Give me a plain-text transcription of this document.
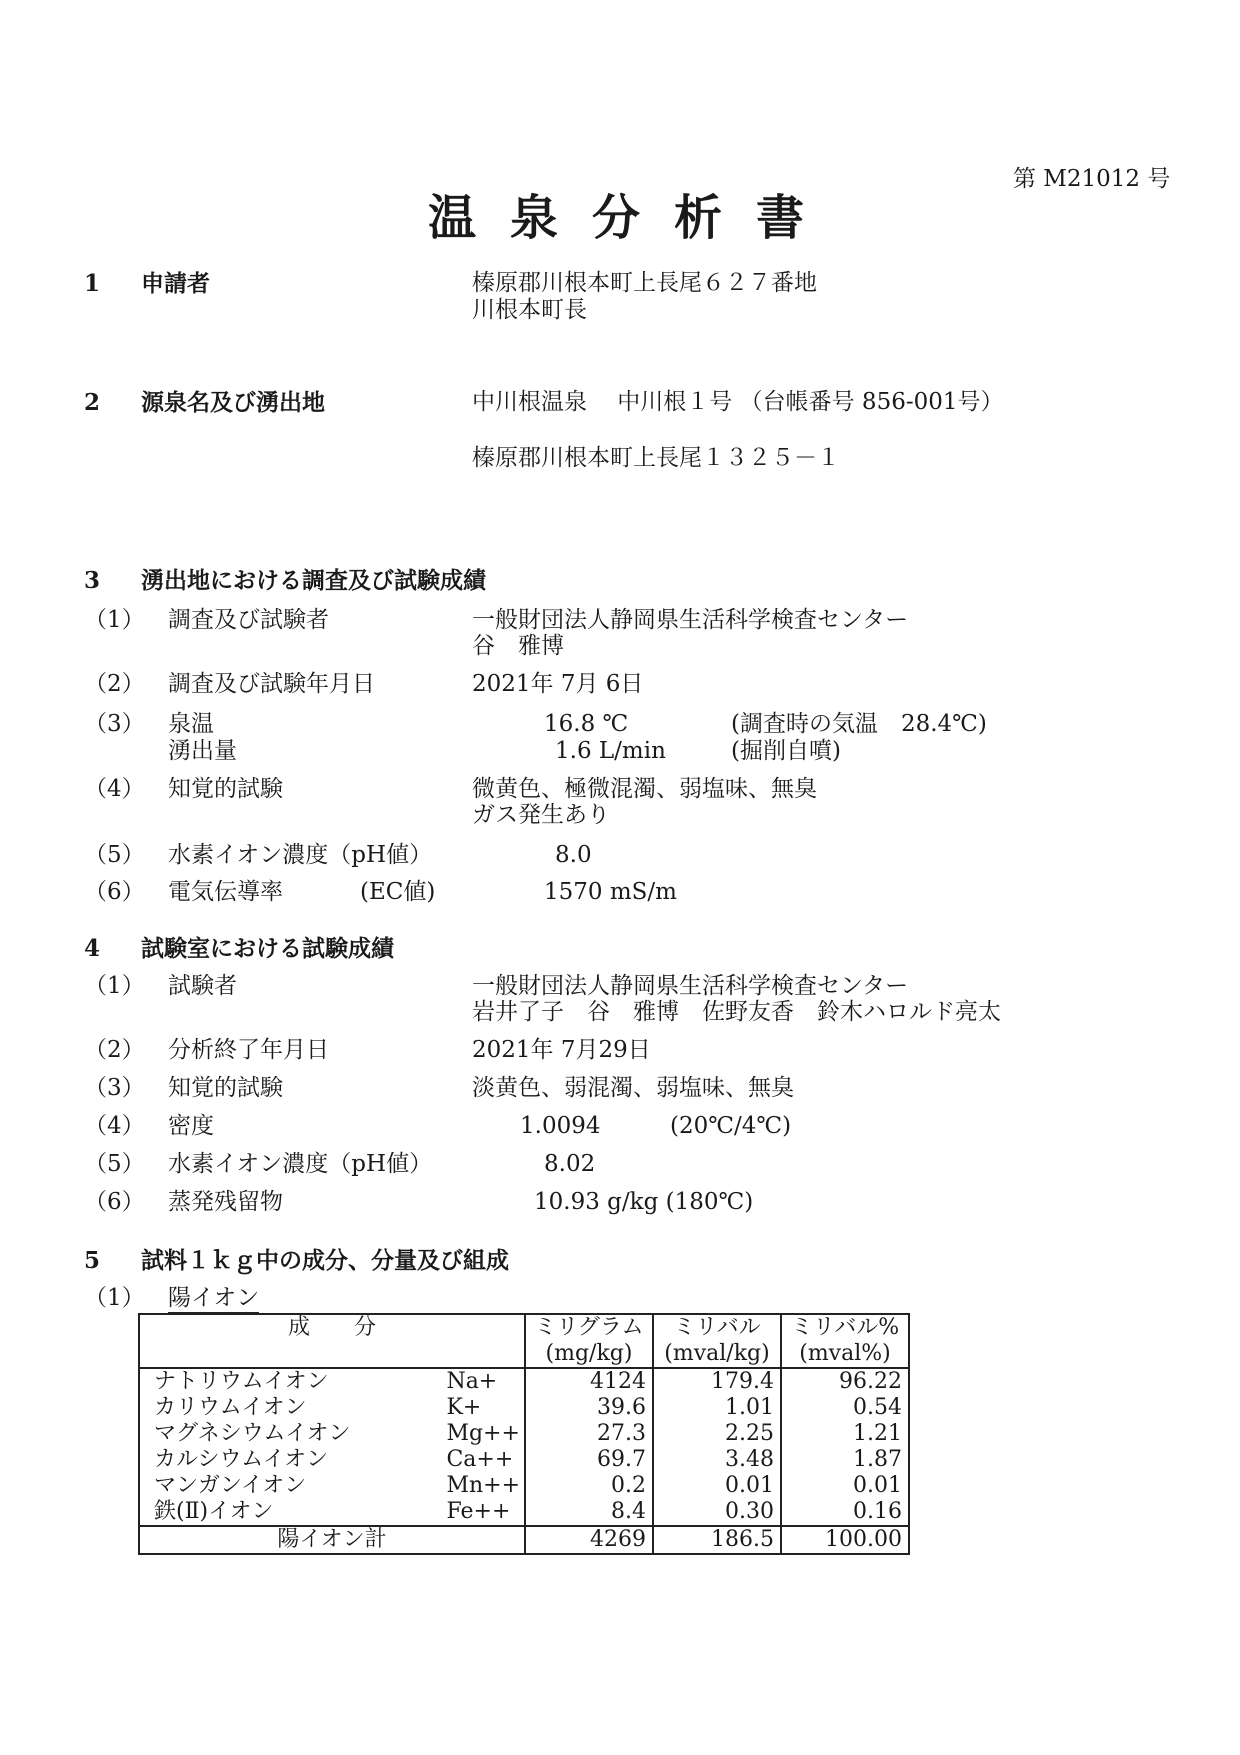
第 M21012 号
温泉分析書
1 申請者	榛原郡川根本町上長尾６２７番地
川根本町長
2 源泉名及び湧出地	中川根温泉　 中川根１号 （台帳番号 856-001号）
榛原郡川根本町上長尾１３２５－１
3 湧出地における調査及び試験成績
（1） 調査及び試験者	一般財団法人静岡県生活科学検査センター
谷　雅博
（2） 調査及び試験年月日	2021年 7月 6日
（3） 泉温	16.8 ℃	(調査時の気温　28.4℃)
湧出量	1.6 L/min	(掘削自噴)
（4） 知覚的試験	微黄色、極微混濁、弱塩味、無臭
ガス発生あり
（5） 水素イオン濃度（pH値）	8.0
（6） 電気伝導率	(EC値)	1570 mS/m
4 試験室における試験成績
（1） 試験者	一般財団法人静岡県生活科学検査センター
岩井了子　谷　雅博　佐野友香　鈴木ハロルド亮太
（2） 分析終了年月日	2021年 7月29日
（3） 知覚的試験	淡黄色、弱混濁、弱塩味、無臭
（4） 密度	1.0094	(20℃/4℃)
（5） 水素イオン濃度（pH値）	8.02
（6） 蒸発残留物	10.93 g/kg (180℃)
5 試料１ｋｇ中の成分、分量及び組成
（1） 陽イオン
成　　分		ミリグラム	ミリバル	ミリバル%
		(mg/kg)	(mval/kg)	(mval%)
ナトリウムイオン	Na+	4124	179.4	96.22
カリウムイオン	K+	39.6	1.01	0.54
マグネシウムイオン	Mg++	27.3	2.25	1.21
カルシウムイオン	Ca++	69.7	3.48	1.87
マンガンイオン	Mn++	0.2	0.01	0.01
鉄(Ⅱ)イオン	Fe++	8.4	0.30	0.16
陽イオン計		4269	186.5	100.00
